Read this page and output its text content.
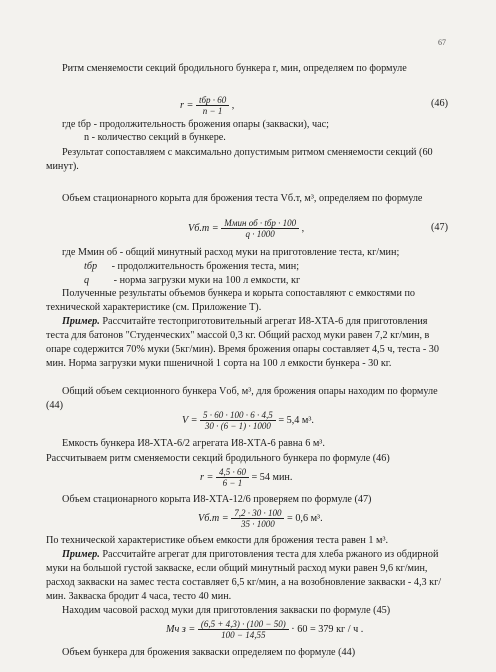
67

Ритм сменяемости секций бродильного бункера r, мин, определяем по формуле

$r = \frac{\text{tбр · 60}}{n - 1}$ ,	(46)
где tбр - продолжительность брожения опары (закваски), час;
n - количество секций в бункере.

Результат сопоставляем с максимально допустимым ритмом сменяемости секций (60 минут).

Объем стационарного корыта для брожения теста Vб.т, м³, определяем по формуле

$Vб.т = \frac{\text{Mмин об · tбр · 100}}{q \cdot 1000}$ ,	(47)
где Mмин об - общий минутный расход муки на приготовление теста, кг/мин;
tбр - продолжительность брожения теста, мин;
q - норма загрузки муки на 100 л емкости, кг

Полученные результаты объемов бункера и корыта сопоставляют с емкостями по технической характеристике (см. Приложение Т).

Пример. Рассчитайте тестоприготовительный агрегат И8-ХТА-6 для приготовления теста для батонов "Студенческих" массой 0,3 кг. Общий расход муки равен 7,2 кг/мин, в опаре содержится 70% муки (5кг/мин). Время брожения опары составляет 4,5 ч, теста - 30 мин. Норма загрузки муки пшеничной 1 сорта на 100 л емкости бункера - 30 кг.

Общий объем секционного бункера Vоб, м³, для брожения опары находим по формуле (44)

$V = \frac{5 \cdot 60 \cdot 100 \cdot 6 \cdot 4,5}{30 \cdot (6 - 1) \cdot 1000} = 5,4$ м³.
Емкость бункера И8-ХТА-6/2 агрегата И8-ХТА-6 равна 6 м³.
Рассчитываем ритм сменяемости секций бродильного бункера по формуле (46)
$r = \frac{4,5 \cdot 60}{6 - 1} = 54$ мин.
Объем стационарного корыта И8-ХТА-12/6 проверяем по формуле (47)
$Vб.т = \frac{7,2 \cdot 30 \cdot 100}{35 \cdot 1000} = 0,6$ м³.
По технической характеристике объем емкости для брожения теста равен 1 м³.

Пример. Рассчитайте агрегат для приготовления теста для хлеба ржаного из обдирной муки на большой густой закваске, если общий минутный расход муки равен 9,6 кг/мин, расход закваски на замес теста составляет 6,5 кг/мин, а на возобновление закваски - 4,3 кг/мин. Закваска бродит 4 часа, тесто 40 мин.

Находим часовой расход муки для приготовления закваски по формуле (45)
Mч $з = \frac{(6,5 + 4,3) \cdot (100 - 50)}{100 - 14,55} \cdot 60 = 379$ кг / ч .
Объем бункера для брожения закваски определяем по формуле (44)
